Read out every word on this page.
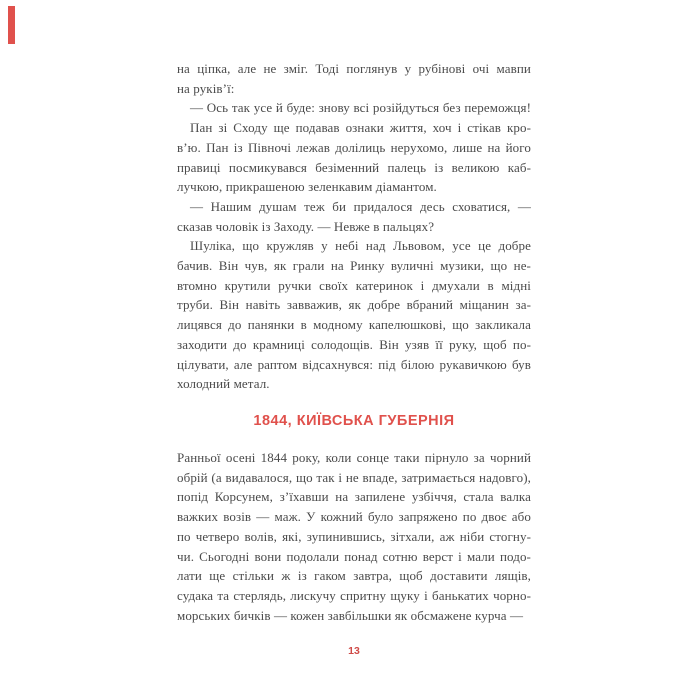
на ціпка, але не зміг. Тоді поглянув у рубінові очі мавпи
на руків’ї:
— Ось так усе й буде: знову всі розійдуться без переможця!
Пан зі Сходу ще подавав ознаки життя, хоч і стікав кро-
в’ю. Пан із Півночі лежав долілиць нерухомо, лише на його
правиці посмикувався безіменний палець із великою каб-
лучкою, прикрашеною зеленкавим діамантом.
— Нашим душам теж би придалося десь сховатися, —
сказав чоловік із Заходу. — Невже в пальцях?
Шуліка, що кружляв у небі над Львовом, усе це добре
бачив. Він чув, як грали на Ринку вуличні музики, що не-
втомно крутили ручки своїх катеринок і дмухали в мідні
труби. Він навіть завважив, як добре вбраний міщанин за-
лицявся до панянки в модному капелюшкові, що закликала
заходити до крамниці солодощів. Він узяв її руку, щоб по-
цілувати, але раптом відсахнувся: під білою рукавичкою був
холодний метал.
1844, КИЇВСЬКА ГУБЕРНІЯ
Ранньої осені 1844 року, коли сонце таки пірнуло за чорний
обрій (а видавалося, що так і не впаде, затримається надовго),
попід Корсунем, з’їхавши на запилене узбіччя, стала валка
важких возів — маж. У кожний було запряжено по двоє або
по четверо волів, які, зупинившись, зітхали, аж ніби стогну-
чи. Сьогодні вони подолали понад сотню верст і мали подо-
лати ще стільки ж із гаком завтра, щоб доставити лящів,
судака та стерлядь, лискучу спритну щуку і банькатих чорно-
морських бичків — кожен завбільшки як обсмажене курча —
13
